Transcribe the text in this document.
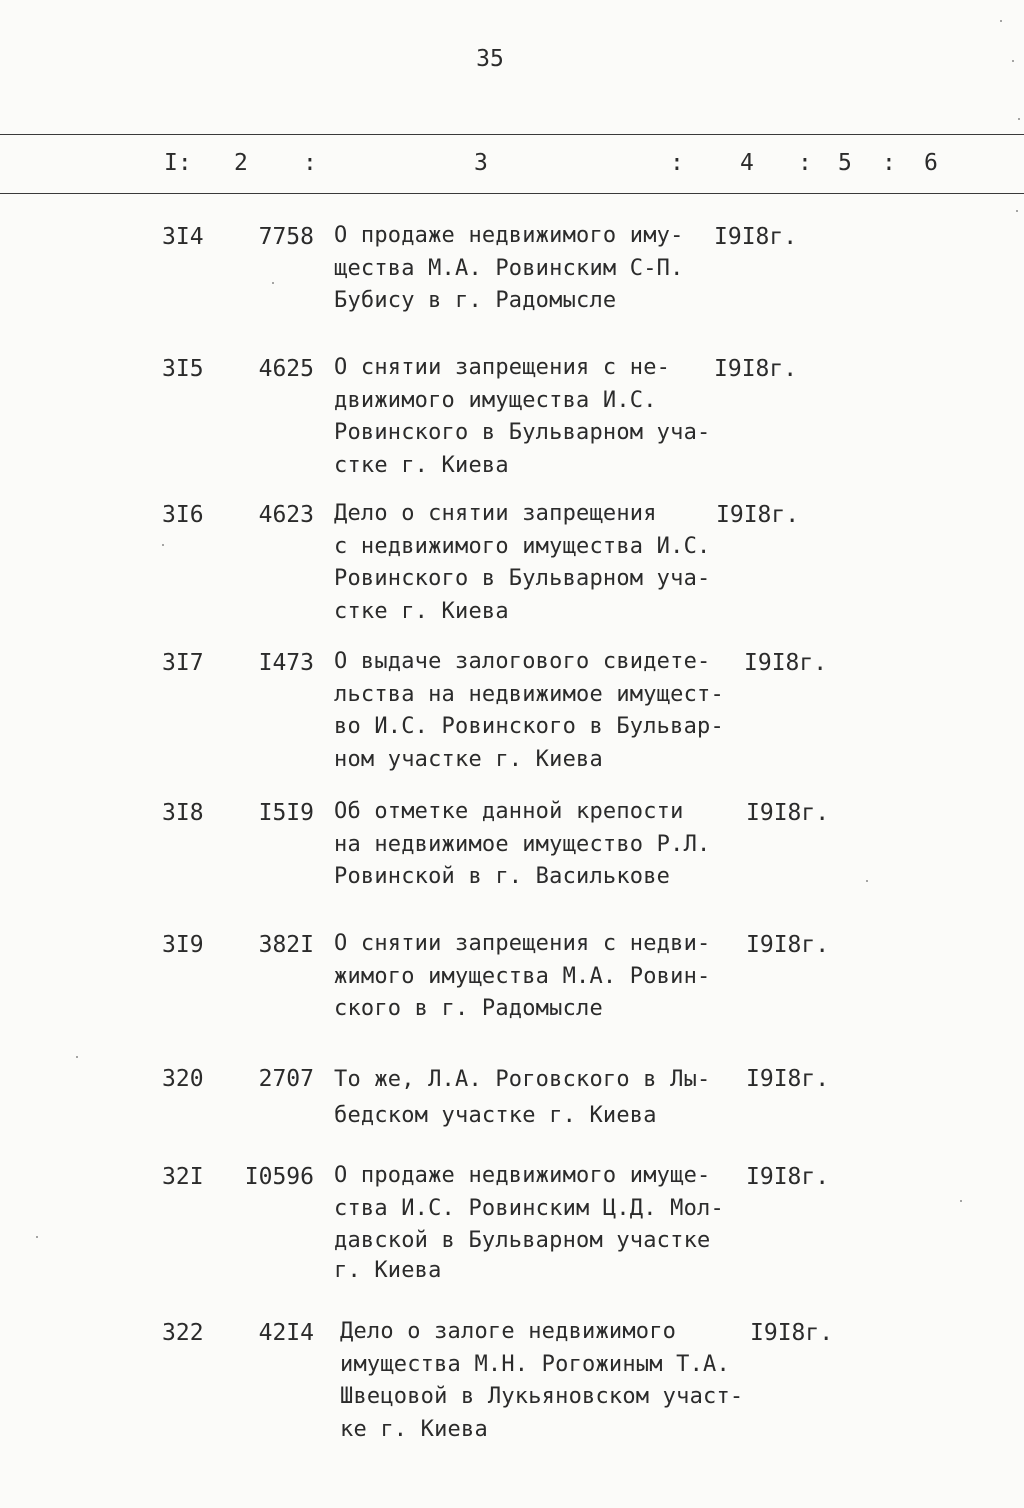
35
I: 2 :	3	: 4 : 5 : 6
3I4	7758 О продаже недвижимого иму-
щества М.А. Ровинским С-П.
Бубису в г. Радомысле
I9I8г.
3I5	4625 О снятии запрещения с не-
движимого имущества И.С.
Ровинского в Бульварном уча-
стке г. Киева
I9I8г.
3I6	4623 Дело о снятии запрещения
с недвижимого имущества И.С.
Ровинского в Бульварном уча-
стке г. Киева
I9I8г.
3I7	I473 О выдаче залогового свидете-
льства на недвижимое имущест-
во И.С. Ровинского в Бульвар-
ном участке г. Киева
I9I8г.
3I8	I5I9 Об отметке данной крепости
на недвижимое имущество Р.Л.
Ровинской в г. Василькове
I9I8г.
3I9	382I О снятии запрещения с недви-
жимого имущества М.А. Ровин-
ского в г. Радомысле
I9I8г.
320	2707 То же, Л.А. Роговского в Лы-
бедском участке г. Киева
I9I8г.
32I	I0596 О продаже недвижимого имуще-
ства И.С. Ровинским Ц.Д. Мол-
давской в Бульварном участке
г. Киева
I9I8г.
322	42I4 Дело о залоге недвижимого
имущества М.Н. Рогожиным Т.А.
Швецовой в Лукьяновском участ-
ке г. Киева
I9I8г.
